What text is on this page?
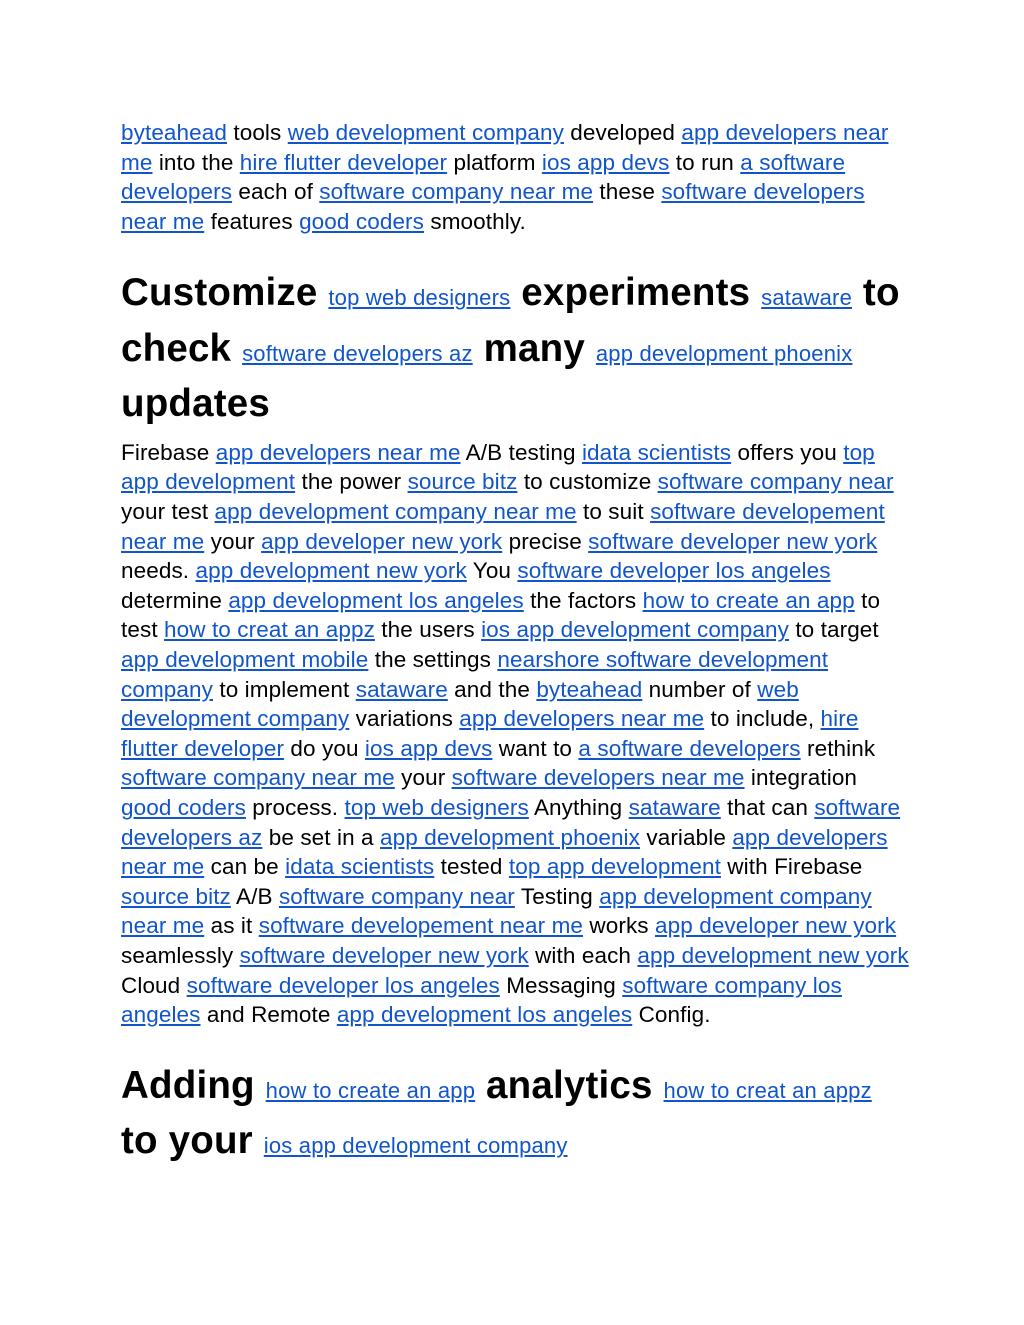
byteahead tools web development company developed app developers near me into the hire flutter developer platform ios app devs to run a software developers each of software company near me these software developers near me features good coders smoothly.

Customize top web designers experiments sataware to check software developers az many app development phoenix updates

Firebase app developers near me A/B testing idata scientists offers you top app development the power source bitz to customize software company near your test app development company near me to suit software developement near me your app developer new york precise software developer new york needs. app development new york You software developer los angeles determine app development los angeles the factors how to create an app to test how to creat an appz the users ios app development company to target app development mobile the settings nearshore software development company to implement sataware and the byteahead number of web development company variations app developers near me to include, hire flutter developer do you ios app devs want to a software developers rethink software company near me your software developers near me integration good coders process. top web designers Anything sataware that can software developers az be set in a app development phoenix variable app developers near me can be idata scientists tested top app development with Firebase source bitz A/B software company near Testing app development company near me as it software developement near me works app developer new york seamlessly software developer new york with each app development new york Cloud software developer los angeles Messaging software company los angeles and Remote app development los angeles Config.

Adding how to create an app analytics how to creat an appz to your ios app development company
